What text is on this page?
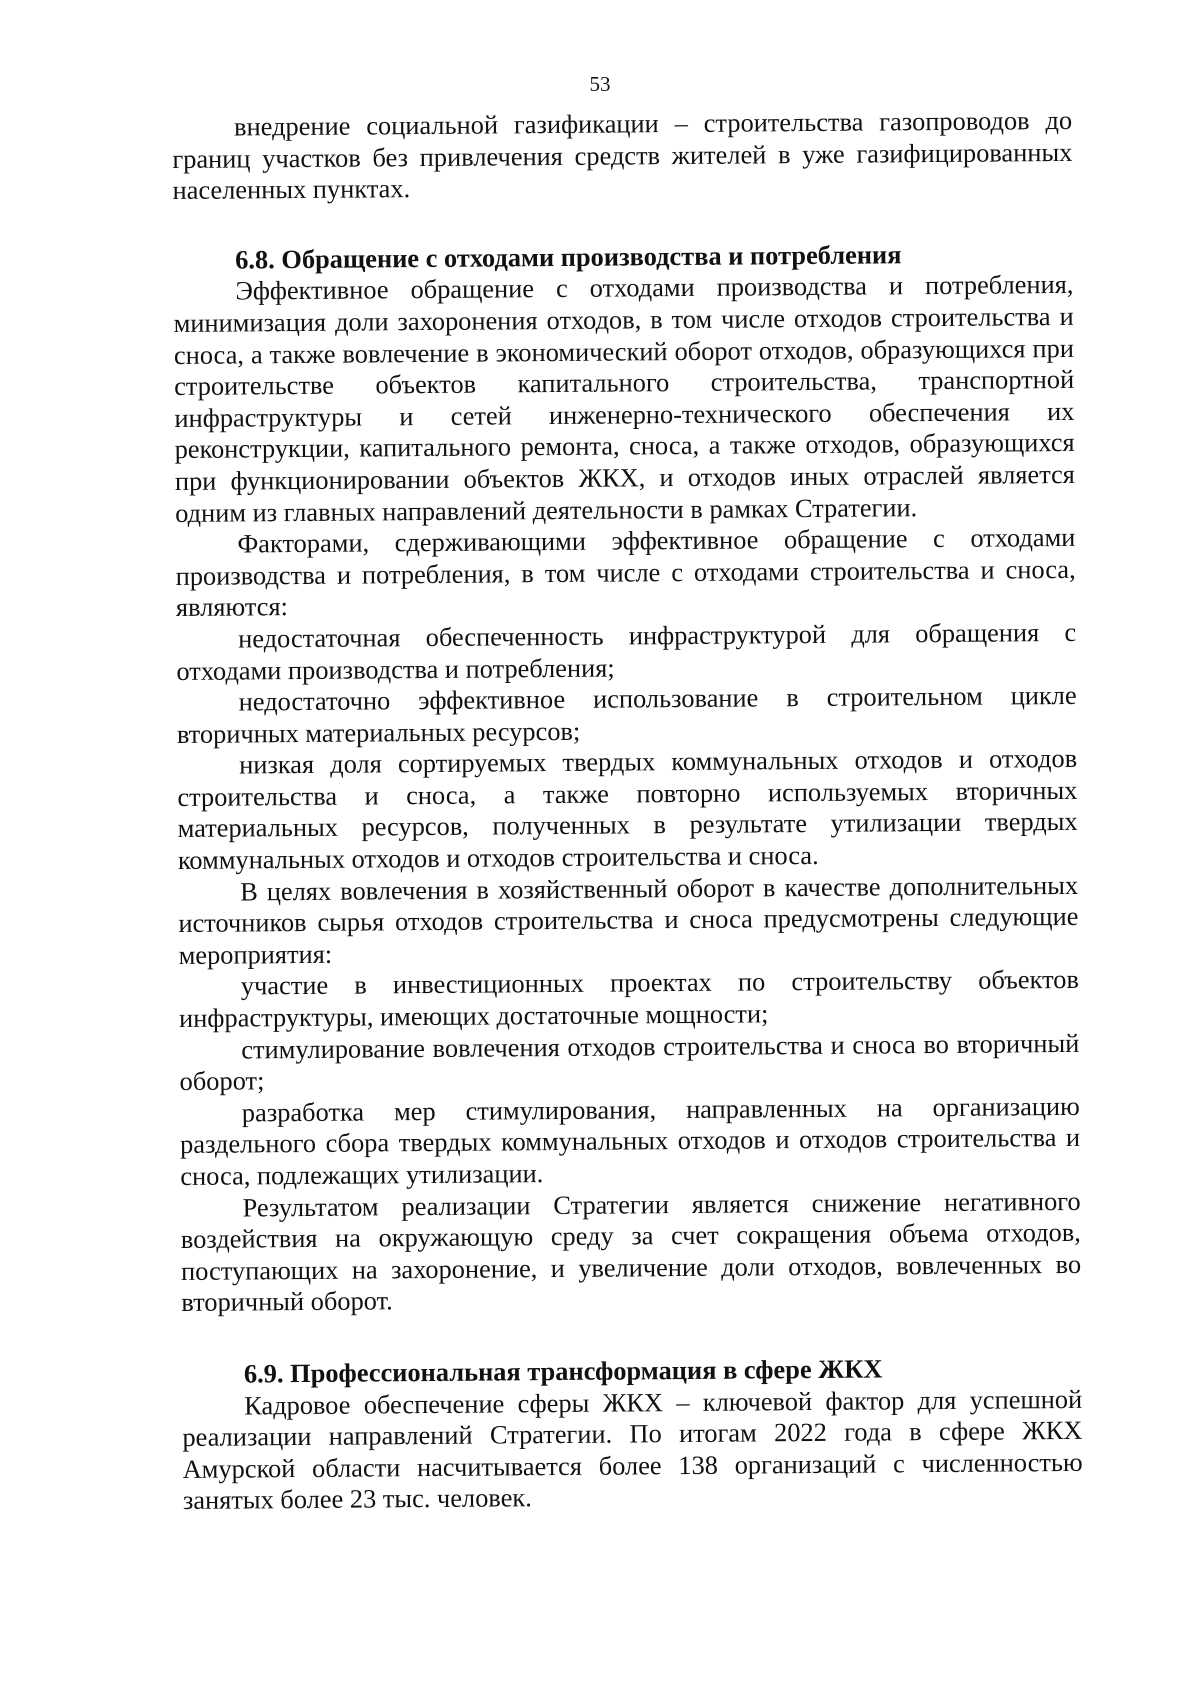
53

внедрение социальной газификации – строительства газопроводов до границ участков без привлечения средств жителей в уже газифицированных населенных пунктах.

6.8. Обращение с отходами производства и потребления

Эффективное обращение с отходами производства и потребления, минимизация доли захоронения отходов, в том числе отходов строительства и сноса, а также вовлечение в экономический оборот отходов, образующихся при строительстве объектов капитального строительства, транспортной инфраструктуры и сетей инженерно-технического обеспечения их реконструкции, капитального ремонта, сноса, а также отходов, образующихся при функционировании объектов ЖКХ, и отходов иных отраслей является одним из главных направлений деятельности в рамках Стратегии.

Факторами, сдерживающими эффективное обращение с отходами производства и потребления, в том числе с отходами строительства и сноса, являются:

недостаточная обеспеченность инфраструктурой для обращения с отходами производства и потребления;

недостаточно эффективное использование в строительном цикле вторичных материальных ресурсов;

низкая доля сортируемых твердых коммунальных отходов и отходов строительства и сноса, а также повторно используемых вторичных материальных ресурсов, полученных в результате утилизации твердых коммунальных отходов и отходов строительства и сноса.

В целях вовлечения в хозяйственный оборот в качестве дополнительных источников сырья отходов строительства и сноса предусмотрены следующие мероприятия:

участие в инвестиционных проектах по строительству объектов инфраструктуры, имеющих достаточные мощности;

стимулирование вовлечения отходов строительства и сноса во вторичный оборот;

разработка мер стимулирования, направленных на организацию раздельного сбора твердых коммунальных отходов и отходов строительства и сноса, подлежащих утилизации.

Результатом реализации Стратегии является снижение негативного воздействия на окружающую среду за счет сокращения объема отходов, поступающих на захоронение, и увеличение доли отходов, вовлеченных во вторичный оборот.

6.9. Профессиональная трансформация в сфере ЖКХ

Кадровое обеспечение сферы ЖКХ – ключевой фактор для успешной реализации направлений Стратегии. По итогам 2022 года в сфере ЖКХ Амурской области насчитывается более 138 организаций с численностью занятых более 23 тыс. человек.
